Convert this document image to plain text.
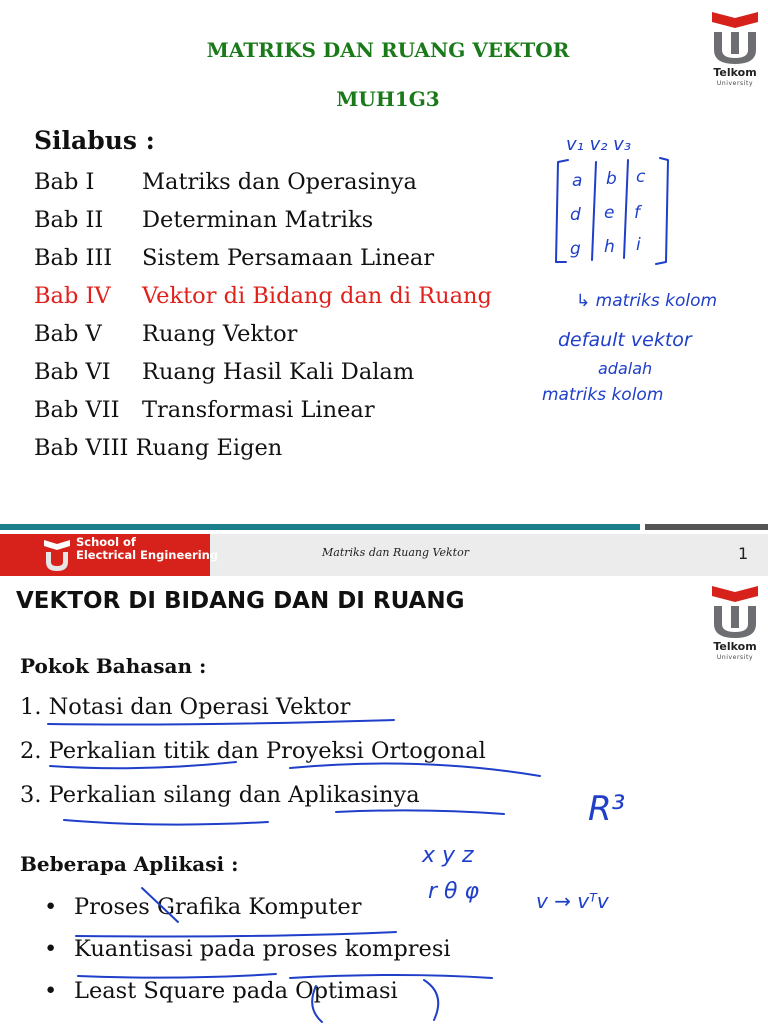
Telkom
University
MATRIKS DAN RUANG VEKTOR
MUH1G3
Silabus :
Bab I Matriks dan Operasinya
Bab II Determinan Matriks
Bab III Sistem Persamaan Linear
Bab IV Vektor di Bidang dan di Ruang
Bab V Ruang Vektor
Bab VI Ruang Hasil Kali Dalam
Bab VII Transformasi Linear
Bab VIII Ruang Eigen
v₁ v₂ v₃
a b c
d e f
g h i
↳ matriks kolom
default vektor
adalah
matriks kolom
School of
Electrical Engineering	Matriks dan Ruang Vektor	1
Telkom
University
VEKTOR DI BIDANG DAN DI RUANG
Pokok Bahasan :
1. Notasi dan Operasi Vektor
2. Perkalian titik dan Proyeksi Ortogonal
3. Perkalian silang dan Aplikasinya
Beberapa Aplikasi :
• Proses Grafika Komputer
• Kuantisasi pada proses kompresi
• Least Square pada Optimasi
R³
x y z
r θ φ	v → vᵀv
